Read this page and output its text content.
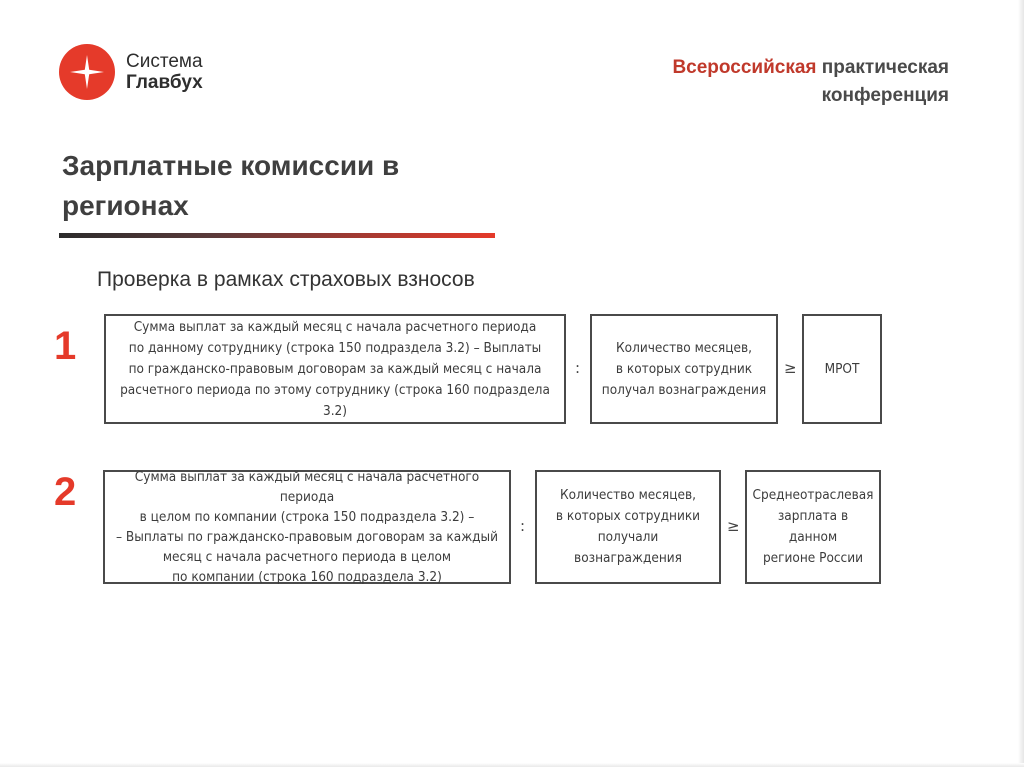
Система
Главбух
Всероссийская практическая
конференция
Зарплатные комиссии в регионах
Проверка в рамках страховых взносов
1	Сумма выплат за каждый месяц с начала расчетного периода
по данному сотруднику (строка 150 подраздела 3.2) – Выплаты
по гражданско-правовым договорам за каждый месяц с начала
расчетного периода по этому сотруднику (строка 160 подраздела 3.2)
:
Количество месяцев,
в которых сотрудник
получал вознаграждения
≥ МРОТ
2	Сумма выплат за каждый месяц с начала расчетного периода
в целом по компании (строка 150 подраздела 3.2) –
– Выплаты по гражданско-правовым договорам за каждый
месяц с начала расчетного периода в целом
по компании (строка 160 подраздела 3.2)
:
Количество месяцев,
в которых сотрудники
получали вознаграждения
≥
Среднеотраслевая
зарплата в данном
регионе России
